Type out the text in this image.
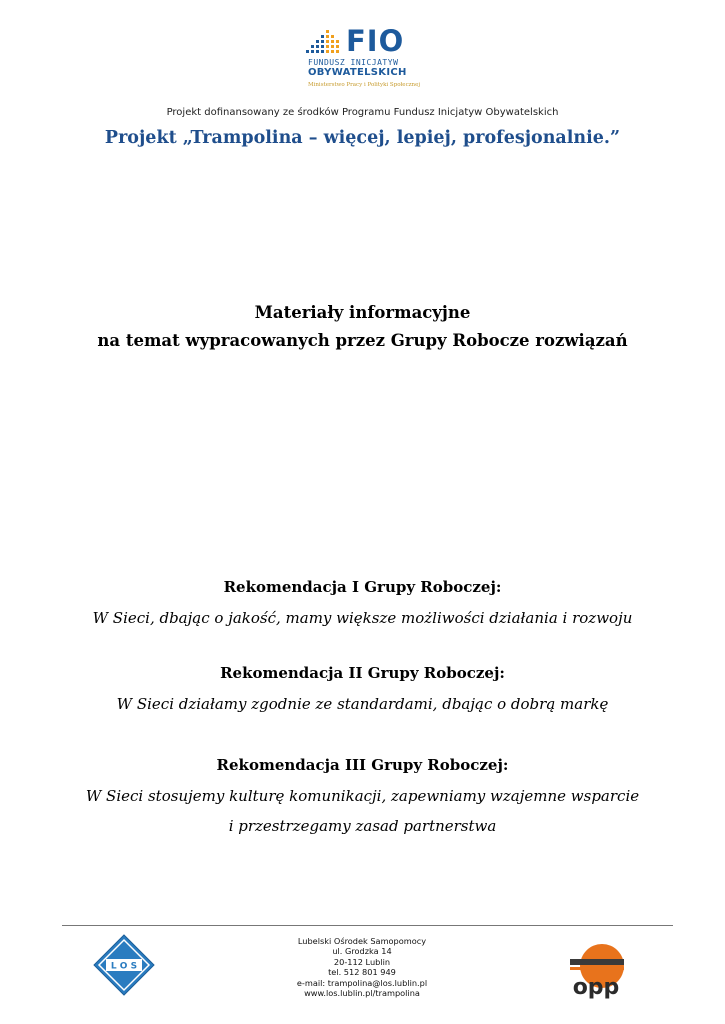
FIO
FUNDUSZ INICJATYW
OBYWATELSKICH
Ministerstwo Pracy i Polityki Społecznej
Projekt dofinansowany ze środków Programu Fundusz Inicjatyw Obywatelskich
Projekt „Trampolina – więcej, lepiej, profesjonalnie.”
Materiały informacyjne
na temat wypracowanych przez Grupy Robocze rozwiązań
Rekomendacja I Grupy Roboczej:
W Sieci, dbając o jakość, mamy większe możliwości działania i rozwoju
Rekomendacja II Grupy Roboczej:
W Sieci działamy zgodnie ze standardami, dbając o dobrą markę
Rekomendacja III Grupy Roboczej:
W Sieci stosujemy kulturę komunikacji, zapewniamy wzajemne wsparcie
i przestrzegamy zasad partnerstwa
L O S
Lubelski Ośrodek Samopomocy
ul. Grodzka 14
20-112 Lublin
tel. 512 801 949
e-mail: trampolina@los.lublin.pl
www.los.lublin.pl/trampolina	opp
